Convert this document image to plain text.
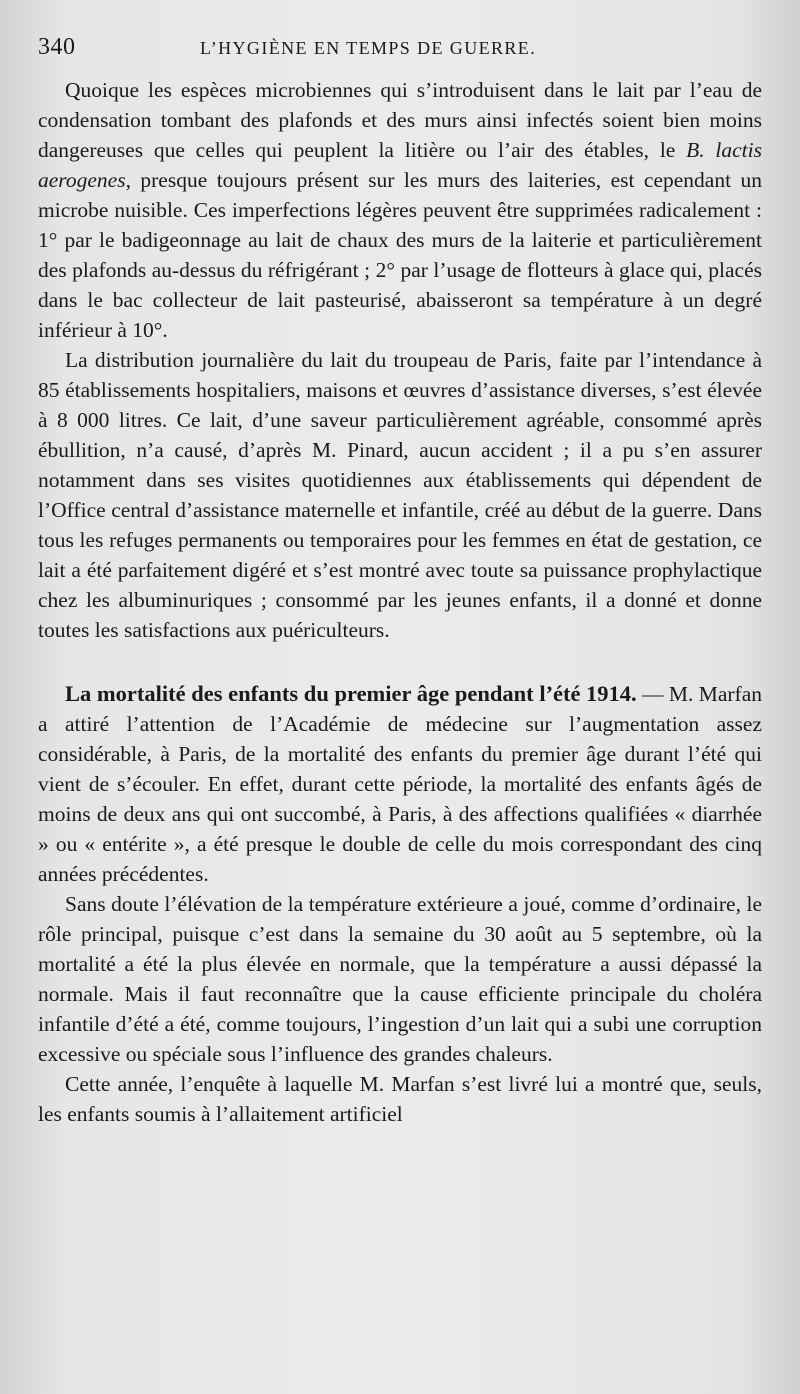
340	L’HYGIÈNE EN TEMPS DE GUERRE.

Quoique les espèces microbiennes qui s’introduisent dans le lait par l’eau de condensation tombant des plafonds et des murs ainsi infectés soient bien moins dangereuses que celles qui peuplent la litière ou l’air des étables, le B. lactis aerogenes, presque toujours présent sur les murs des laiteries, est cependant un microbe nuisible. Ces imperfections légères peuvent être supprimées radicalement : 1° par le badigeonnage au lait de chaux des murs de la laiterie et particulièrement des plafonds au-dessus du réfrigérant ; 2° par l’usage de flotteurs à glace qui, placés dans le bac collecteur de lait pasteurisé, abaisseront sa température à un degré inférieur à 10°.

La distribution journalière du lait du troupeau de Paris, faite par l’intendance à 85 établissements hospitaliers, maisons et œuvres d’assistance diverses, s’est élevée à 8 000 litres. Ce lait, d’une saveur particulièrement agréable, consommé après ébullition, n’a causé, d’après M. Pinard, aucun accident ; il a pu s’en assurer notamment dans ses visites quotidiennes aux établissements qui dépendent de l’Office central d’assistance maternelle et infantile, créé au début de la guerre. Dans tous les refuges permanents ou temporaires pour les femmes en état de gestation, ce lait a été parfaitement digéré et s’est montré avec toute sa puissance prophylactique chez les albuminuriques ; consommé par les jeunes enfants, il a donné et donne toutes les satisfactions aux puériculteurs.

La mortalité des enfants du premier âge pendant l’été 1914. — M. Marfan a attiré l’attention de l’Académie de médecine sur l’augmentation assez considérable, à Paris, de la mortalité des enfants du premier âge durant l’été qui vient de s’écouler. En effet, durant cette période, la mortalité des enfants âgés de moins de deux ans qui ont succombé, à Paris, à des affections qualifiées « diarrhée » ou « entérite », a été presque le double de celle du mois correspondant des cinq années précédentes.

Sans doute l’élévation de la température extérieure a joué, comme d’ordinaire, le rôle principal, puisque c’est dans la semaine du 30 août au 5 septembre, où la mortalité a été la plus élevée en normale, que la température a aussi dépassé la normale. Mais il faut reconnaître que la cause efficiente principale du choléra infantile d’été a été, comme toujours, l’ingestion d’un lait qui a subi une corruption excessive ou spéciale sous l’influence des grandes chaleurs.

Cette année, l’enquête à laquelle M. Marfan s’est livré lui a montré que, seuls, les enfants soumis à l’allaitement artificiel
